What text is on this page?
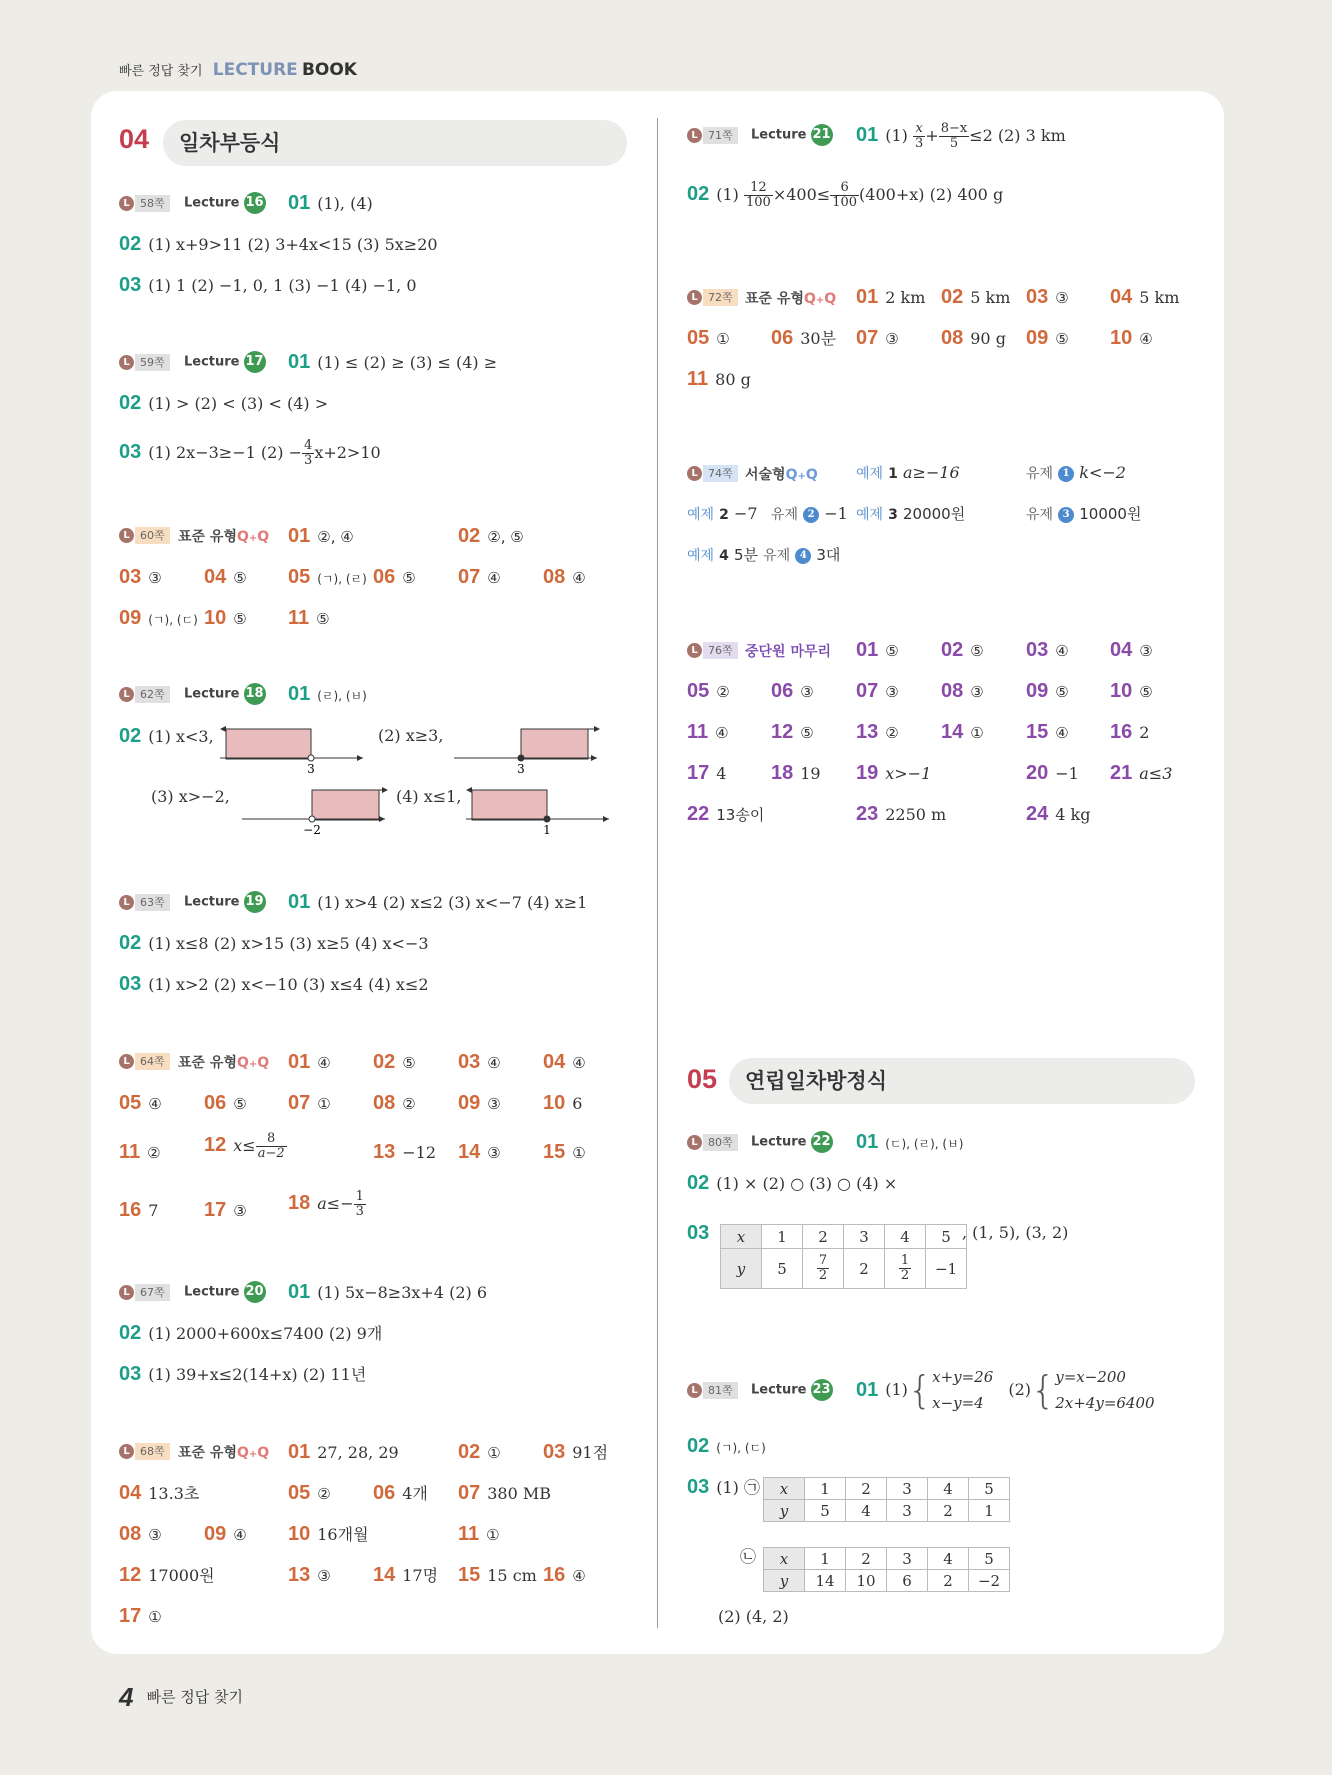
빠른 정답 찾기 LECTURE BOOK
04	일차부등식
L 58쪽	Lecture 16 01 (1), (4)
02 (1) x+9>11 (2) 3+4x<15 (3) 5x≥20
03 (1) 1 (2) −1, 0, 1 (3) −1 (4) −1, 0
L 59쪽	Lecture 17 01 (1) ≤ (2) ≥ (3) ≤ (4) ≥
02 (1) > (2) < (3) < (4) >
03 (1) 2x−3≥−1 $(2) - \frac{4}{3} x+2>10$
L 60쪽 표준 유형Q+Q 01 ②, ④	02 ②, ⑤
03 ③ 04 ⑤ 05 (ㄱ), (ㄹ) 06 ⑤ 07 ④ 08 ④
09 (ㄱ), (ㄷ) 10 ⑤ 11 ⑤
L 62쪽	Lecture 18 01 (ㄹ), (ㅂ)
02 (1) x<3,	(2) x≥3,
(3) x>−2,	(4) x≤1,
3	3
−2	1
L 63쪽	Lecture 19 01 (1) x>4 (2) x≤2 (3) x<−7 (4) x≥1
02 (1) x≤8 (2) x>15 (3) x≥5 (4) x<−3
03 (1) x>2 (2) x<−10 (3) x≤4 (4) x≤2
L 64쪽 표준 유형Q+Q 01 ④ 02 ⑤ 03 ④ 04 ④
05 ④ 06 ⑤ 07 ① 08 ② 09 ③ 10 6
11 ② 12 $x\le \frac{8}{a-2}$	13 −12 14 ③ 15 ①
16 7 17 ③ 18 $a\le- \frac{1}{3}$
L 67쪽	Lecture 20 01 (1) 5x−8≥3x+4 (2) 6
02 (1) 2000+600x≤7400 (2) 9개
03 (1) 39+x≤2(14+x) (2) 11년
L 68쪽 표준 유형Q+Q 01 27, 28, 29	02 ① 03 91점
04 13.3초	05 ② 06 4개 07 380 MB
08 ③ 09 ④ 10 16개월	11 ①
12 17000원	13 ③ 14 17명 15 15 cm 16 ④
17 ①
L 71쪽	Lecture 21 01 $(1) \frac{x}{3} + \frac{8-x}{5} \le 2$ (2) 3 km
02 $(1) \frac{12}{100} \times 400\le \frac{6}{100} (400+x)$ (2) 400 g
L 72쪽 표준 유형Q+Q 01 2 km 02 5 km 03 ③ 04 5 km
05 ① 06 30분 07 ③ 08 90 g 09 ⑤ 10 ④
11 80 g
L 74쪽 서술형Q+Q	예제 1 a≥−16	유제 1 k<−2
예제 2 −7 유제 2 −1 예제 3 20000원	유제 3 10000원
예제 4 5분 유제 4 3대
L 76쪽 중단원 마무리 01 ⑤ 02 ⑤ 03 ④ 04 ③
05 ② 06 ③ 07 ③ 08 ③ 09 ⑤ 10 ⑤
11 ④ 12 ⑤ 13 ② 14 ① 15 ④ 16 2
17 4 18 19 19 x>−1	20 −1 21 a≤3
22 13송이	23 2250 m	24 4 kg
05	연립일차방정식
L 80쪽	Lecture 22 01 (ㄷ), (ㄹ), (ㅂ)
02 (1) × (2) ○ (3) ○ (4) ×
03	x	1	2	3	4	5
y	5	$\frac{7}{2}$	2	$\frac{1}{2}$	−1
, (1, 5), (3, 2)
L 81쪽	Lecture 23 01 (1){ x+y=26
x−y=4
(2){ y=x−200
2x+4y=6400
02 (ㄱ), (ㄷ)
03 (1) ㉠ x	1	2	3	4	5
y	5	4	3	2	1
㉡ x	1	2	3	4	5
y	14	10	6	2	−2
(2) (4, 2)
4 빠른 정답 찾기
